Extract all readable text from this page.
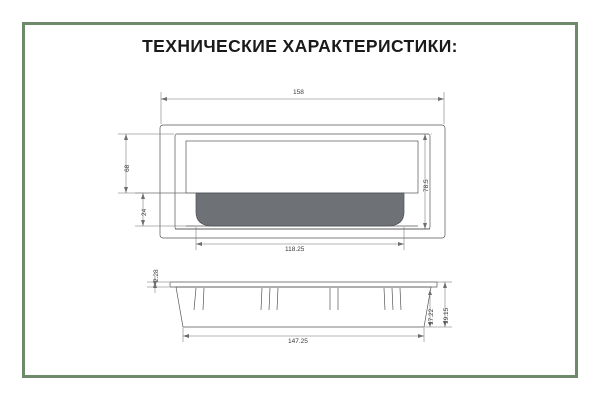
ТЕХНИЧЕСКИЕ ХАРАКТЕРИСТИКИ:
158
68
24
78.5
118.25
2.28
17.22 19.15
147.25
